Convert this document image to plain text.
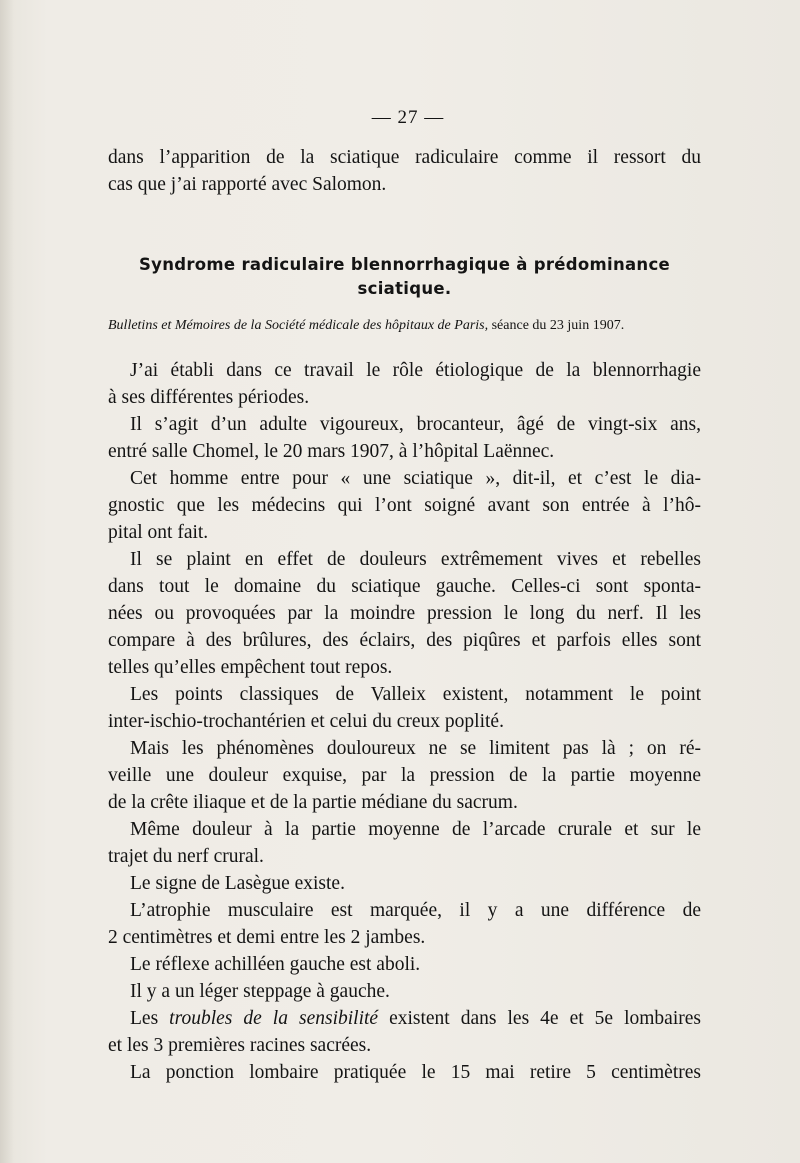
— 27 —
dans l’apparition de la sciatique radiculaire comme il ressort du
cas que j’ai rapporté avec Salomon.
Syndrome radiculaire blennorrhagique à prédominance
sciatique.
Bulletins et Mémoires de la Société médicale des hôpitaux de Paris, séance du 23 juin 1907.
J’ai établi dans ce travail le rôle étiologique de la blennorrhagie
à ses différentes périodes.
Il s’agit d’un adulte vigoureux, brocanteur, âgé de vingt-six ans,
entré salle Chomel, le 20 mars 1907, à l’hôpital Laënnec.
Cet homme entre pour « une sciatique », dit-il, et c’est le dia-
gnostic que les médecins qui l’ont soigné avant son entrée à l’hô-
pital ont fait.
Il se plaint en effet de douleurs extrêmement vives et rebelles
dans tout le domaine du sciatique gauche. Celles-ci sont sponta-
nées ou provoquées par la moindre pression le long du nerf. Il les
compare à des brûlures, des éclairs, des piqûres et parfois elles sont
telles qu’elles empêchent tout repos.
Les points classiques de Valleix existent, notamment le point
inter-ischio-trochantérien et celui du creux poplité.
Mais les phénomènes douloureux ne se limitent pas là ; on ré-
veille une douleur exquise, par la pression de la partie moyenne
de la crête iliaque et de la partie médiane du sacrum.
Même douleur à la partie moyenne de l’arcade crurale et sur le
trajet du nerf crural.
Le signe de Lasègue existe.
L’atrophie musculaire est marquée, il y a une différence de
2 centimètres et demi entre les 2 jambes.
Le réflexe achilléen gauche est aboli.
Il y a un léger steppage à gauche.
Les troubles de la sensibilité existent dans les 4e et 5e lombaires
et les 3 premières racines sacrées.
La ponction lombaire pratiquée le 15 mai retire 5 centimètres
